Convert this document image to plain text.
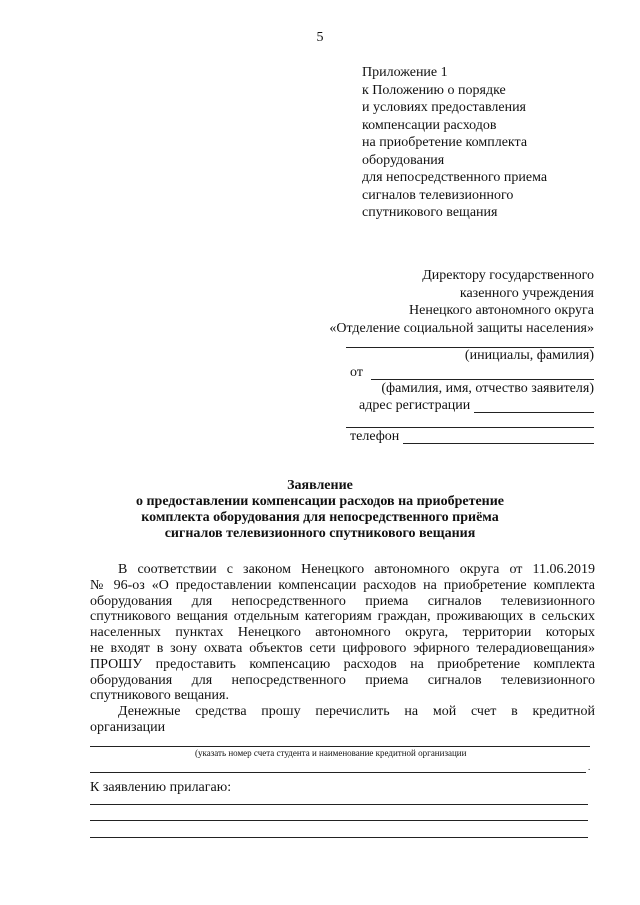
5
Приложение 1
к Положению о порядке
и условиях предоставления
компенсации расходов
на приобретение комплекта
оборудования
для непосредственного приема
сигналов телевизионного
спутникового вещания
Директору государственного
казенного учреждения
Ненецкого автономного округа
«Отделение социальной защиты населения»
(инициалы, фамилия)
от
(фамилия, имя, отчество заявителя)
адрес регистрации
телефон
Заявление
о предоставлении компенсации расходов на приобретение
комплекта оборудования для непосредственного приёма
сигналов телевизионного спутникового вещания
В соответствии с законом Ненецкого автономного округа от 11.06.2019
№ 96-оз «О предоставлении компенсации расходов на приобретение комплекта
оборудования для непосредственного приема сигналов телевизионного
спутникового вещания отдельным категориям граждан, проживающих в сельских
населенных пунктах Ненецкого автономного округа, территории которых
не входят в зону охвата объектов сети цифрового эфирного телерадиовещания»
ПРОШУ предоставить компенсацию расходов на приобретение комплекта
оборудования для непосредственного приема сигналов телевизионного
спутникового вещания.
Денежные средства прошу перечислить на мой счет в кредитной
организации
(указать номер счета студента и наименование кредитной организации
.
К заявлению прилагаю:
